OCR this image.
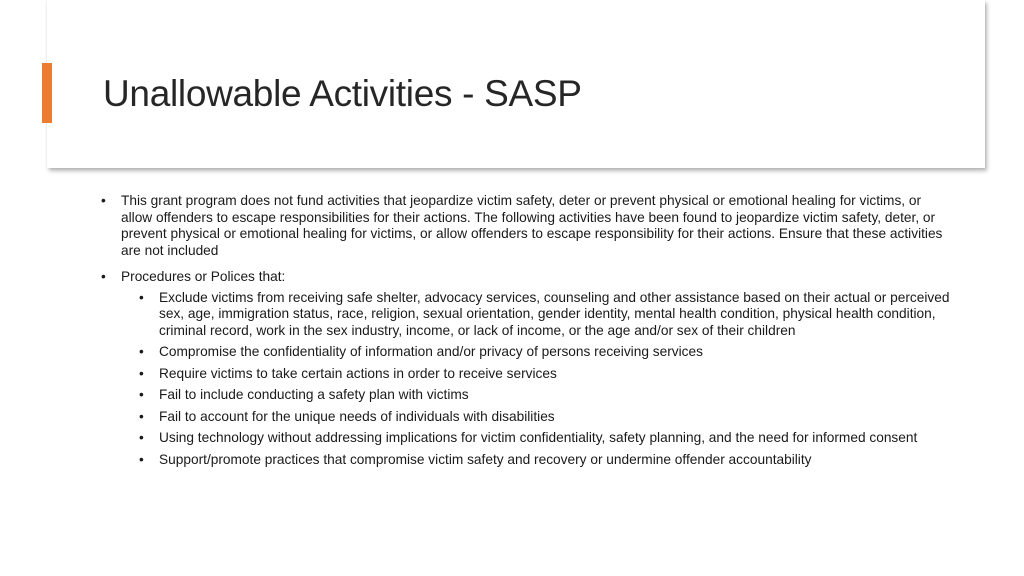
Unallowable Activities - SASP
• This grant program does not fund activities that jeopardize victim safety, deter or prevent physical or emotional healing for victims, or allow offenders to escape responsibilities for their actions. The following activities have been found to jeopardize victim safety, deter, or prevent physical or emotional healing for victims, or allow offenders to escape responsibility for their actions. Ensure that these activities are not included
• Procedures or Polices that:
• Exclude victims from receiving safe shelter, advocacy services, counseling and other assistance based on their actual or perceived sex, age, immigration status, race, religion, sexual orientation, gender identity, mental health condition, physical health condition, criminal record, work in the sex industry, income, or lack of income, or the age and/or sex of their children
• Compromise the confidentiality of information and/or privacy of persons receiving services
• Require victims to take certain actions in order to receive services
• Fail to include conducting a safety plan with victims
• Fail to account for the unique needs of individuals with disabilities
• Using technology without addressing implications for victim confidentiality, safety planning, and the need for informed consent
• Support/promote practices that compromise victim safety and recovery or undermine offender accountability
